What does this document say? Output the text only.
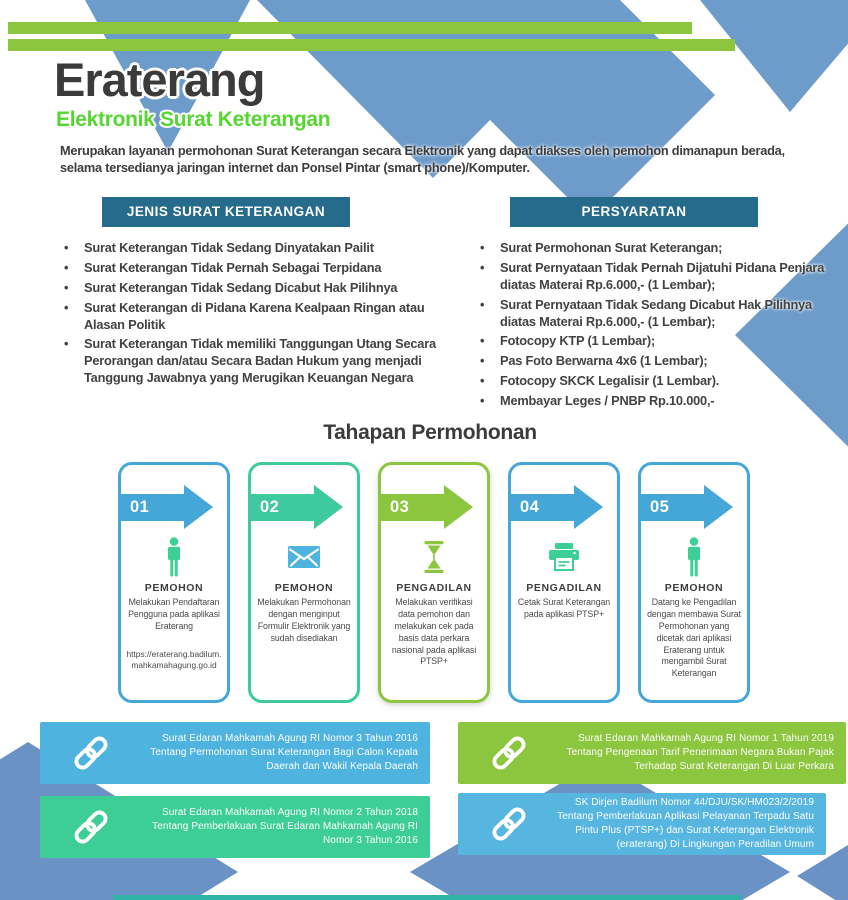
Eraterang
Elektronik Surat Keterangan

Merupakan layanan permohonan Surat Keterangan secara Elektronik yang dapat diakses oleh pemohon dimanapun berada, selama tersedianya jaringan internet dan Ponsel Pintar (smart phone)/Komputer.

JENIS SURAT KETERANGAN
• Surat Keterangan Tidak Sedang Dinyatakan Pailit
• Surat Keterangan Tidak Pernah Sebagai Terpidana
• Surat Keterangan Tidak Sedang Dicabut Hak Pilihnya
• Surat Keterangan di Pidana Karena Kealpaan Ringan atau Alasan Politik
• Surat Keterangan Tidak memiliki Tanggungan Utang Secara Perorangan dan/atau Secara Badan Hukum yang menjadi Tanggung Jawabnya yang Merugikan Keuangan Negara
PERSYARATAN
• Surat Permohonan Surat Keterangan;
• Surat Pernyataan Tidak Pernah Dijatuhi Pidana Penjara diatas Materai Rp.6.000,- (1 Lembar);
• Surat Pernyataan Tidak Sedang Dicabut Hak Pilihnya diatas Materai Rp.6.000,- (1 Lembar);
• Fotocopy KTP (1 Lembar);
• Pas Foto Berwarna 4x6 (1 Lembar);
• Fotocopy SKCK Legalisir (1 Lembar).
• Membayar Leges / PNBP Rp.10.000,-
Tahapan Permohonan
01
PEMOHON
Melakukan Pendaftaran Pengguna pada aplikasi Eraterang
https://eraterang.badilum.mahkamahagung.go.id
02
PEMOHON
Melakukan Permohonan dengan menginput Formulir Elektronik yang sudah disediakan
03
PENGADILAN
Melakukan verifikasi data pemohon dan melakukan cek pada basis data perkara nasional pada aplikasi PTSP+
04
PENGADILAN
Cetak Surat Keterangan pada aplikasi PTSP+
05
PEMOHON
Datang ke Pengadilan dengan membawa Surat Permohonan yang dicetak dari aplikasi Eraterang untuk mengambil Surat Keterangan
Surat Edaran Mahkamah Agung RI Nomor 3 Tahun 2016 Tentang Permohonan Surat Keterangan Bagi Calon Kepala Daerah dan Wakil Kepala Daerah
Surat Edaran Mahkamah Agung RI Nomor 2 Tahun 2018 Tentang Pemberlakuan Surat Edaran Mahkamah Agung RI Nomor 3 Tahun 2016
Surat Edaran Mahkamah Agung RI Nomor 1 Tahun 2019 Tentang Pengenaan Tarif Penerimaan Negara Bukan Pajak Terhadap Surat Keterangan Di Luar Perkara
SK Dirjen Badilum Nomor 44/DJU/SK/HM023/2/2019 Tentang Pemberlakuan Aplikasi Pelayanan Terpadu Satu Pintu Plus (PTSP+) dan Surat Keterangan Elektronik (eraterang) Di Lingkungan Peradilan Umum
